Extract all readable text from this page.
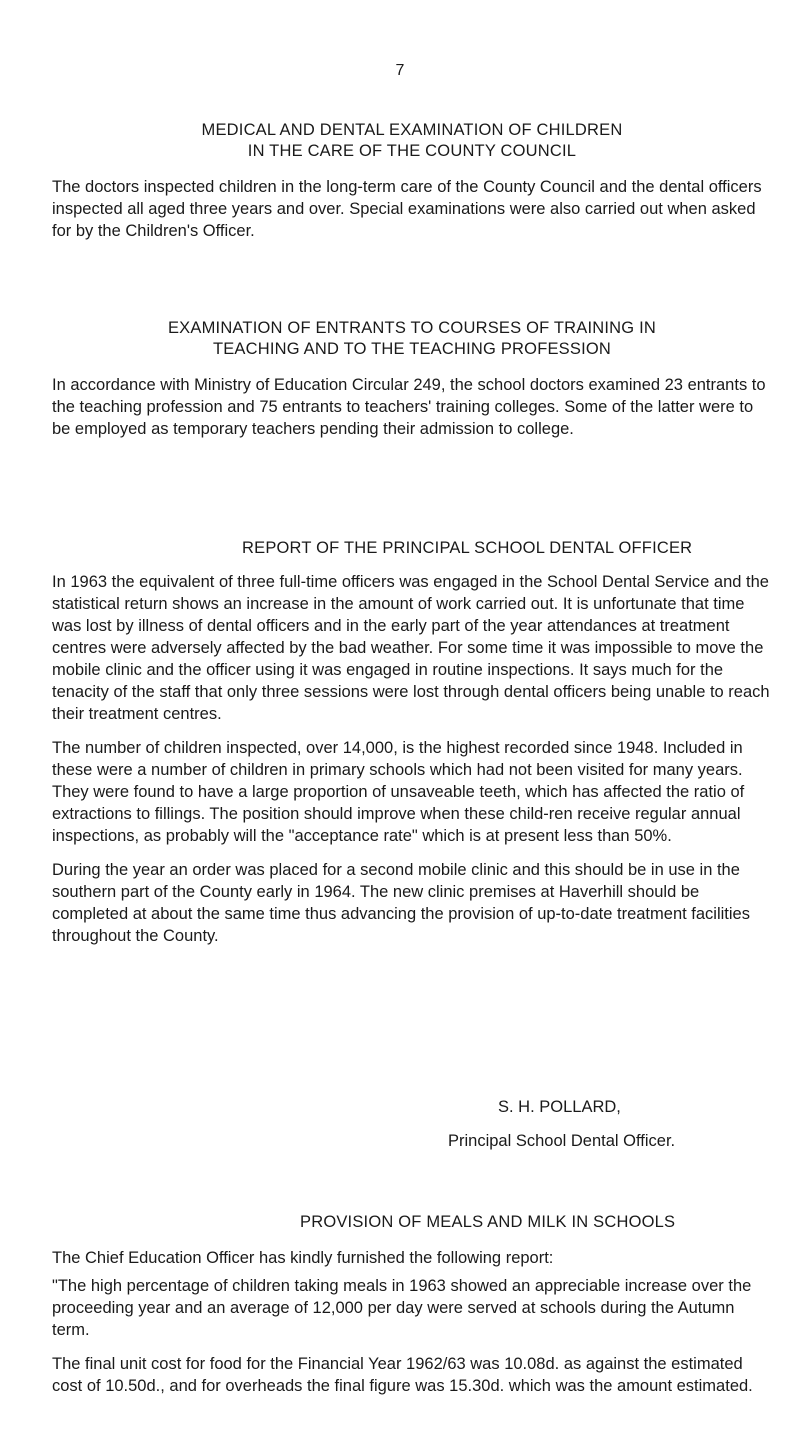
7
MEDICAL AND DENTAL EXAMINATION OF CHILDREN
IN THE CARE OF THE COUNTY COUNCIL

The doctors inspected children in the long-term care of the County Council and the dental officers inspected all aged three years and over. Special examinations were also carried out when asked for by the Children's Officer.

EXAMINATION OF ENTRANTS TO COURSES OF TRAINING IN
TEACHING AND TO THE TEACHING PROFESSION

In accordance with Ministry of Education Circular 249, the school doctors examined 23 entrants to the teaching profession and 75 entrants to teachers' training colleges. Some of the latter were to be employed as temporary teachers pending their admission to college.

REPORT OF THE PRINCIPAL SCHOOL DENTAL OFFICER

In 1963 the equivalent of three full-time officers was engaged in the School Dental Service and the statistical return shows an increase in the amount of work carried out. It is unfortunate that time was lost by illness of dental officers and in the early part of the year attendances at treatment centres were adversely affected by the bad weather. For some time it was impossible to move the mobile clinic and the officer using it was engaged in routine inspections. It says much for the tenacity of the staff that only three sessions were lost through dental officers being unable to reach their treatment centres.

The number of children inspected, over 14,000, is the highest recorded since 1948. Included in these were a number of children in primary schools which had not been visited for many years. They were found to have a large proportion of unsaveable teeth, which has affected the ratio of extractions to fillings. The position should improve when these child-ren receive regular annual inspections, as probably will the "acceptance rate" which is at present less than 50%.

During the year an order was placed for a second mobile clinic and this should be in use in the southern part of the County early in 1964. The new clinic premises at Haverhill should be completed at about the same time thus advancing the provision of up-to-date treatment facilities throughout the County.

S. H. POLLARD,
Principal School Dental Officer.
PROVISION OF MEALS AND MILK IN SCHOOLS

The Chief Education Officer has kindly furnished the following report:

"The high percentage of children taking meals in 1963 showed an appreciable increase over the proceeding year and an average of 12,000 per day were served at schools during the Autumn term.

The final unit cost for food for the Financial Year 1962/63 was 10.08d. as against the estimated cost of 10.50d., and for overheads the final figure was 15.30d. which was the amount estimated.
